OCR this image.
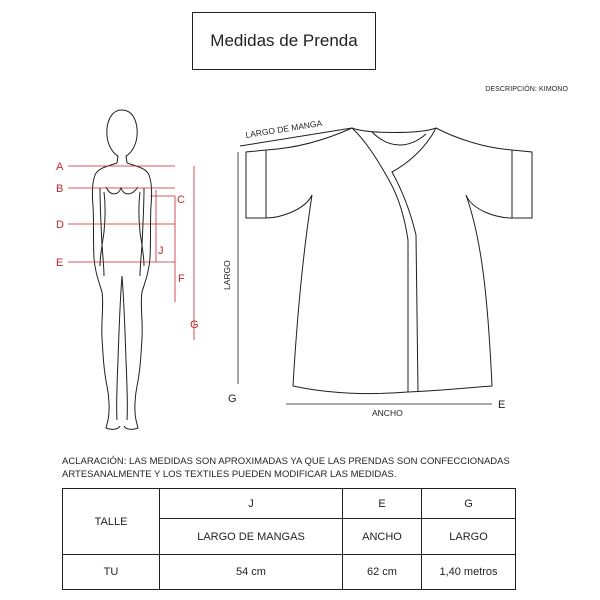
Medidas de Prenda
DESCRIPCIÓN: KIMONO
A
B
C
D
J
E
F
G
LARGO DE MANGA
LARGO
ANCHO
G	E
ACLARACIÓN: LAS MEDIDAS SON APROXIMADAS YA QUE LAS PRENDAS SON CONFECCIONADAS ARTESANALMENTE Y LOS TEXTILES PUEDEN MODIFICAR LAS MEDIDAS.
TALLE	J	E	G
	LARGO DE MANGAS	ANCHO	LARGO
TU	54 cm	62 cm	1,40 metros
